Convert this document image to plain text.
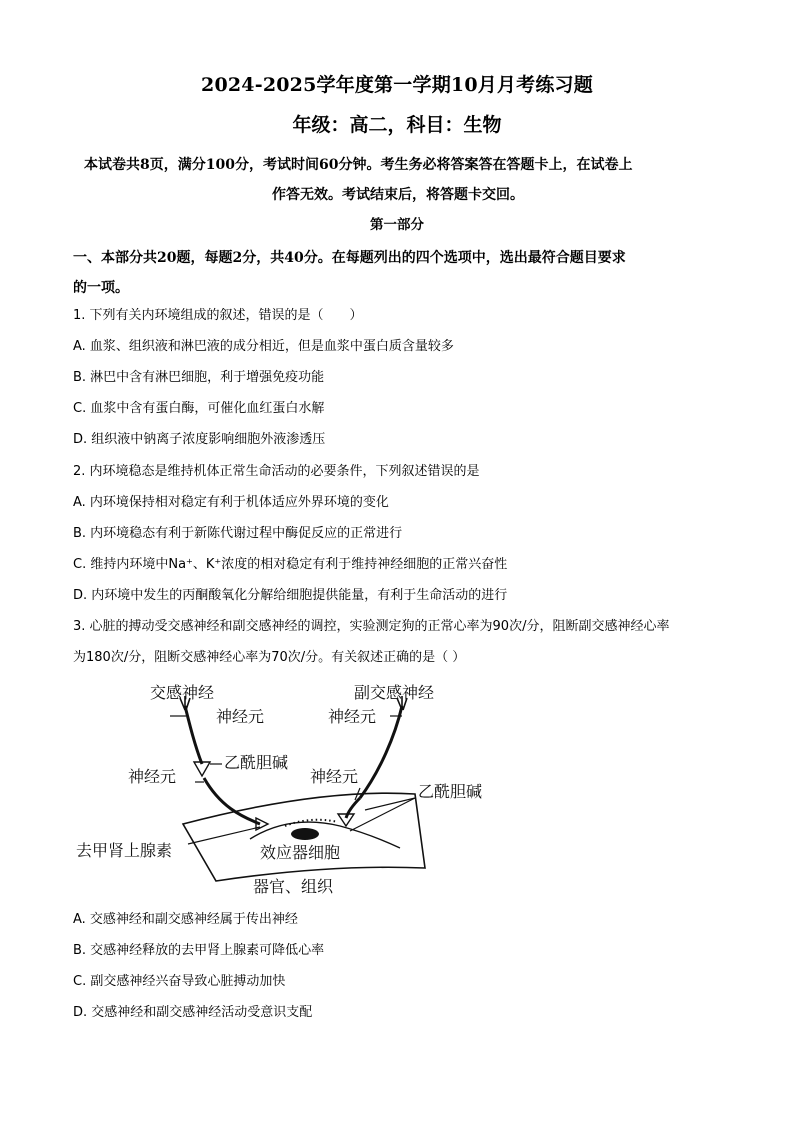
2024-2025学年度第一学期10月月考练习题
年级：高二，科目：生物
本试卷共8页，满分100分，考试时间60分钟。考生务必将答案答在答题卡上，在试卷上
作答无效。考试结束后，将答题卡交回。
第一部分
一、本部分共20题，每题2分，共40分。在每题列出的四个选项中，选出最符合题目要求
的一项。
1. 下列有关内环境组成的叙述，错误的是（　　）
A. 血浆、组织液和淋巴液的成分相近，但是血浆中蛋白质含量较多
B. 淋巴中含有淋巴细胞，利于增强免疫功能
C. 血浆中含有蛋白酶，可催化血红蛋白水解
D. 组织液中钠离子浓度影响细胞外液渗透压
2. 内环境稳态是维持机体正常生命活动的必要条件，下列叙述错误的是
A. 内环境保持相对稳定有利于机体适应外界环境的变化
B. 内环境稳态有利于新陈代谢过程中酶促反应的正常进行
C. 维持内环境中Na⁺、K⁺浓度的相对稳定有利于维持神经细胞的正常兴奋性
D. 内环境中发生的丙酮酸氧化分解给细胞提供能量，有利于生命活动的进行
3. 心脏的搏动受交感神经和副交感神经的调控，实验测定狗的正常心率为90次/分，阻断副交感神经心率
为180次/分，阻断交感神经心率为70次/分。有关叙述正确的是（ ）
交感神经	副交感神经
神经元	神经元
乙酰胆碱
神经元	神经元
乙酰胆碱
去甲肾上腺素	效应器细胞
器官、组织
A. 交感神经和副交感神经属于传出神经
B. 交感神经释放的去甲肾上腺素可降低心率
C. 副交感神经兴奋导致心脏搏动加快
D. 交感神经和副交感神经活动受意识支配
